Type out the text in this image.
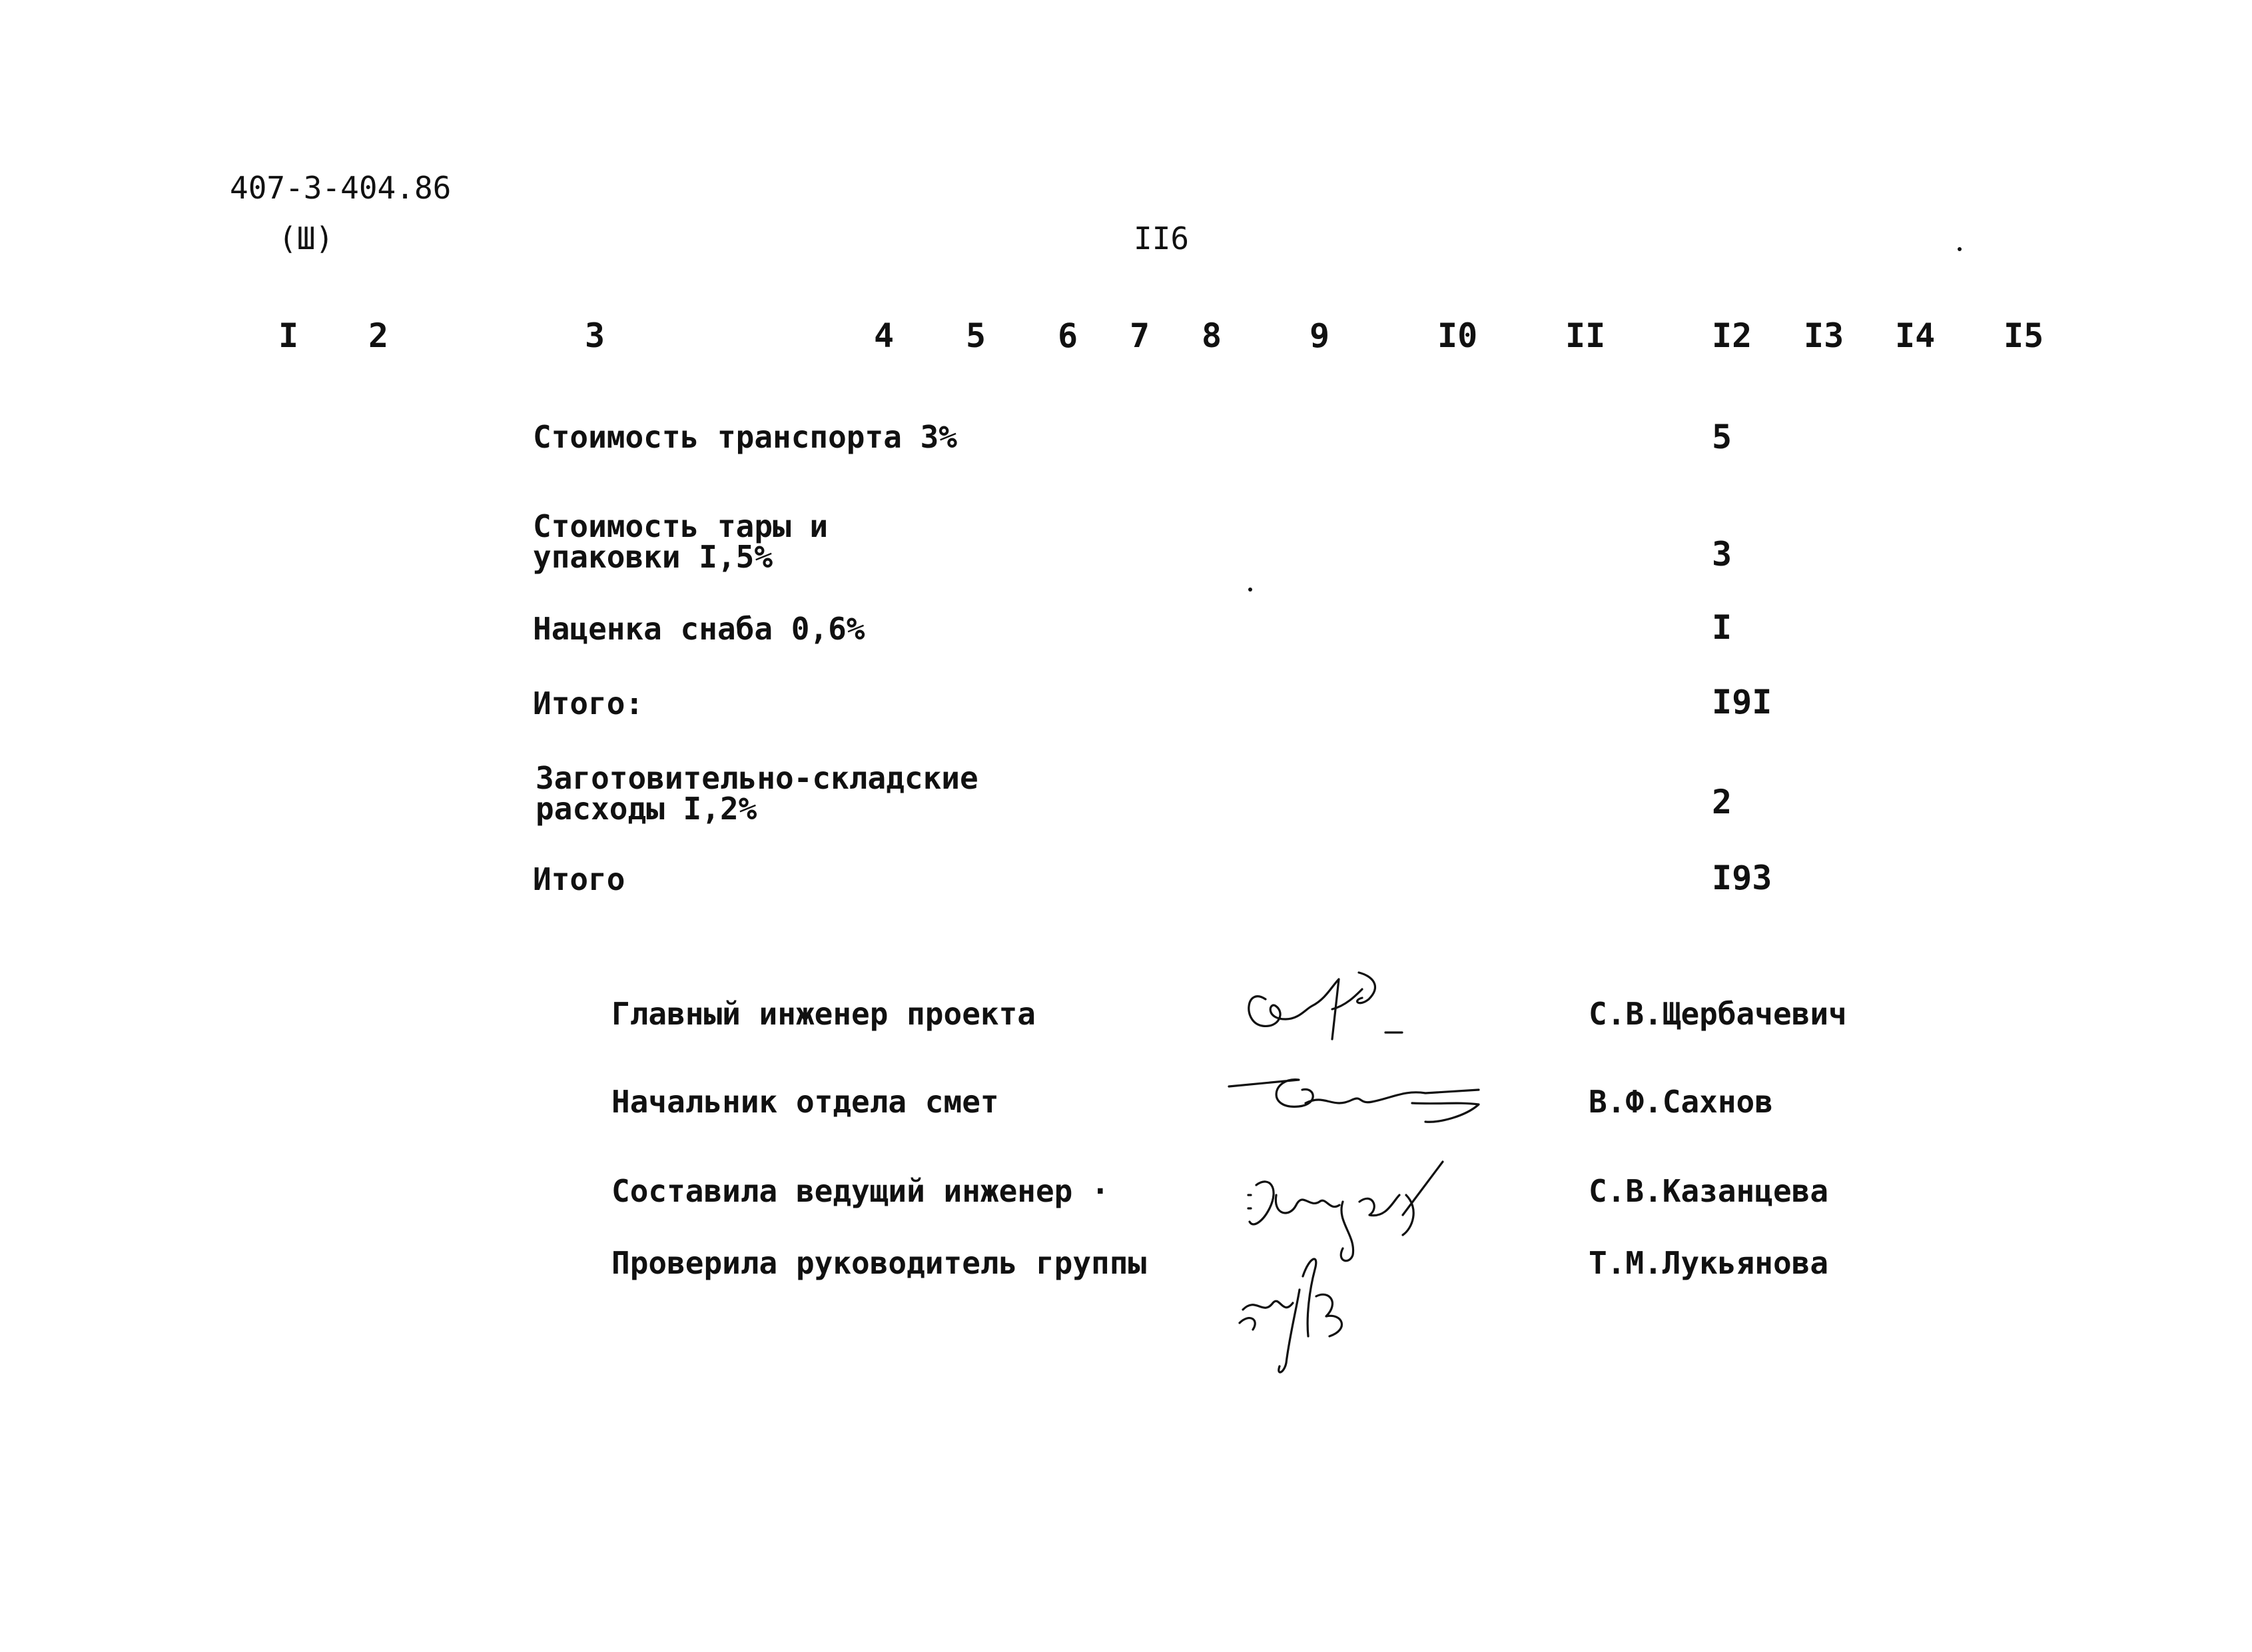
407-3-404.86
(Ш)	II6
I 2	3	4 5 6 7 8	9	I0	II	I2 I3 I4 I5
Стоимость транспорта 3%	5
Стоимость тары и
упаковки I,5%	3
Наценка снаба 0,6%	I
Итого:	I9I
Заготовительно-складские
расходы I,2%	2
Итого	I93
Главный инженер проекта	С.В.Щербачевич
Начальник отдела смет	В.Ф.Сахнов
Составила ведущий инженер ·	С.В.Казанцева
Проверила руководитель группы	Т.М.Лукьянова
